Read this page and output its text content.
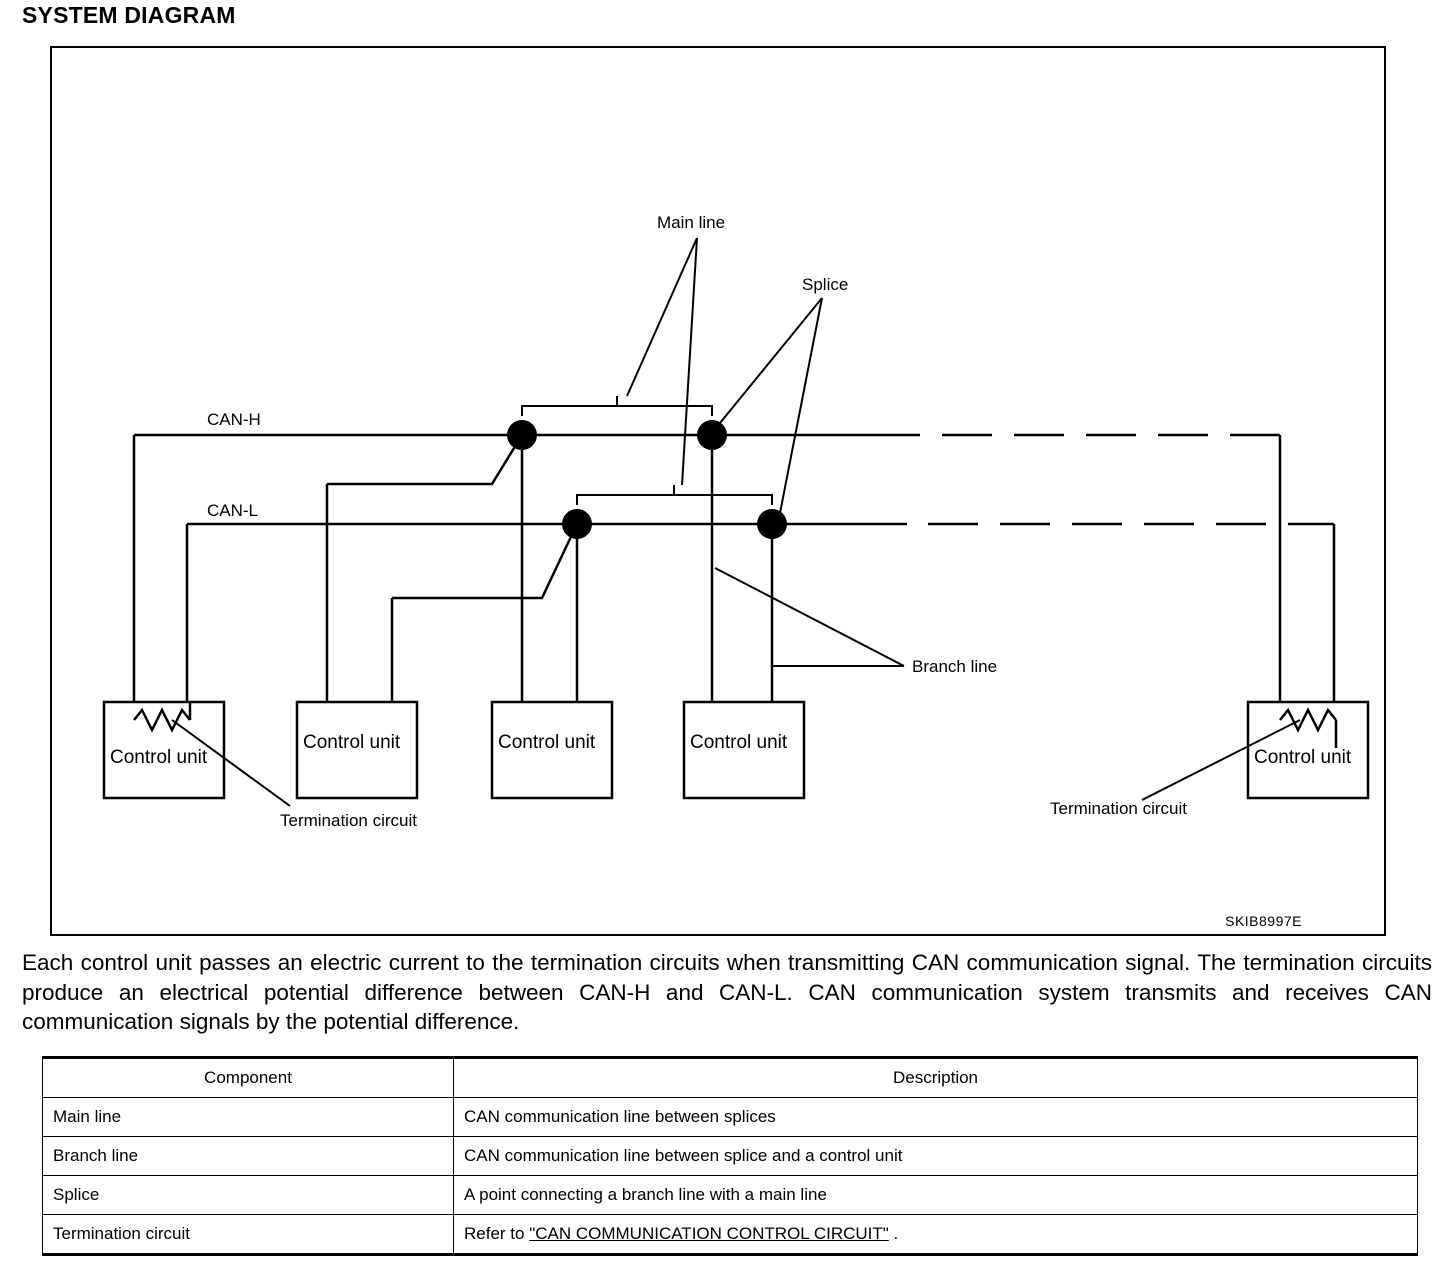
SYSTEM DIAGRAM
Main line
Splice
Branch line
CAN-H
CAN-L
Control unit
Control unit	Control unit	Control unit
Control unit
Termination circuit
Termination circuit
SKIB8997E
Each control unit passes an electric current to the termination circuits when transmitting CAN communication signal. The termination circuits produce an electrical potential difference between CAN-H and CAN-L. CAN communication system transmits and receives CAN communication signals by the potential difference.
Component	Description
Main line	CAN communication line between splices
Branch line	CAN communication line between splice and a control unit
Splice	A point connecting a branch line with a main line
Termination circuit	Refer to "CAN COMMUNICATION CONTROL CIRCUIT" .
